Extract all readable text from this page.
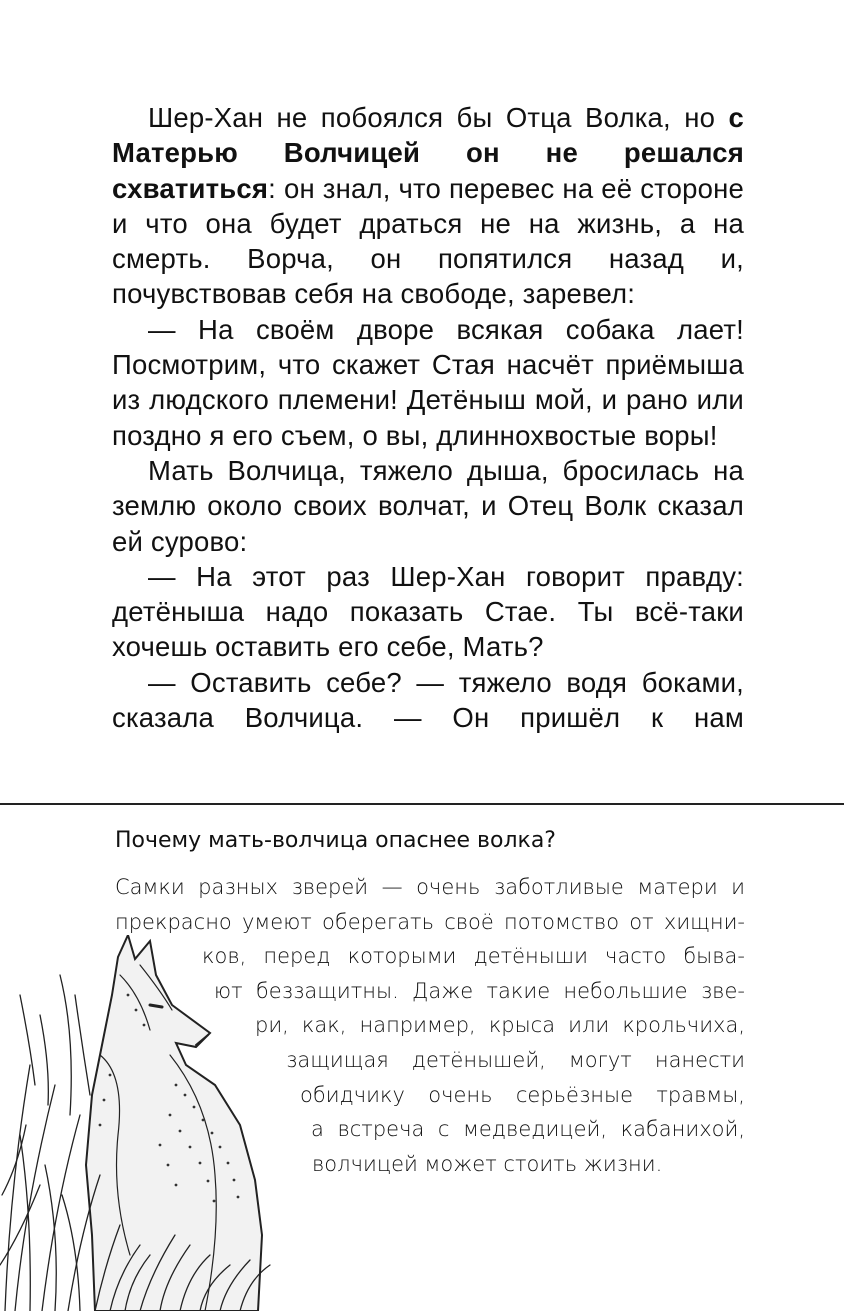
Шер-Хан не побоялся бы Отца Волка, но с Матерью Волчицей он не решался схватиться: он знал, что перевес на её стороне и что она будет драться не на жизнь, а на смерть. Ворча, он попятился назад и, почувствовав себя на свободе, заревел:

— На своём дворе всякая собака лает! Посмотрим, что скажет Стая насчёт приёмыша из людского племени! Детёныш мой, и рано или поздно я его съем, о вы, длиннохвостые воры!

Мать Волчица, тяжело дыша, бросилась на землю около своих волчат, и Отец Волк сказал ей сурово:

— На этот раз Шер-Хан говорит правду: детёныша надо показать Стае. Ты всё-таки хочешь оставить его себе, Мать?

— Оставить себе? — тяжело водя боками, сказала Волчица. — Он пришёл к нам

Почему мать-волчица опаснее волка?
Самки разных зверей — очень заботливые матери и
прекрасно умеют оберегать своё потомство от хищни-
ков, перед которыми детёныши часто быва-
ют беззащитны. Даже такие небольшие зве-
ри, как, например, крыса или крольчиха,
защищая детёнышей, могут нанести
обидчику очень серьёзные травмы,
а встреча с медведицей, кабанихой,
волчицей может стоить жизни.
